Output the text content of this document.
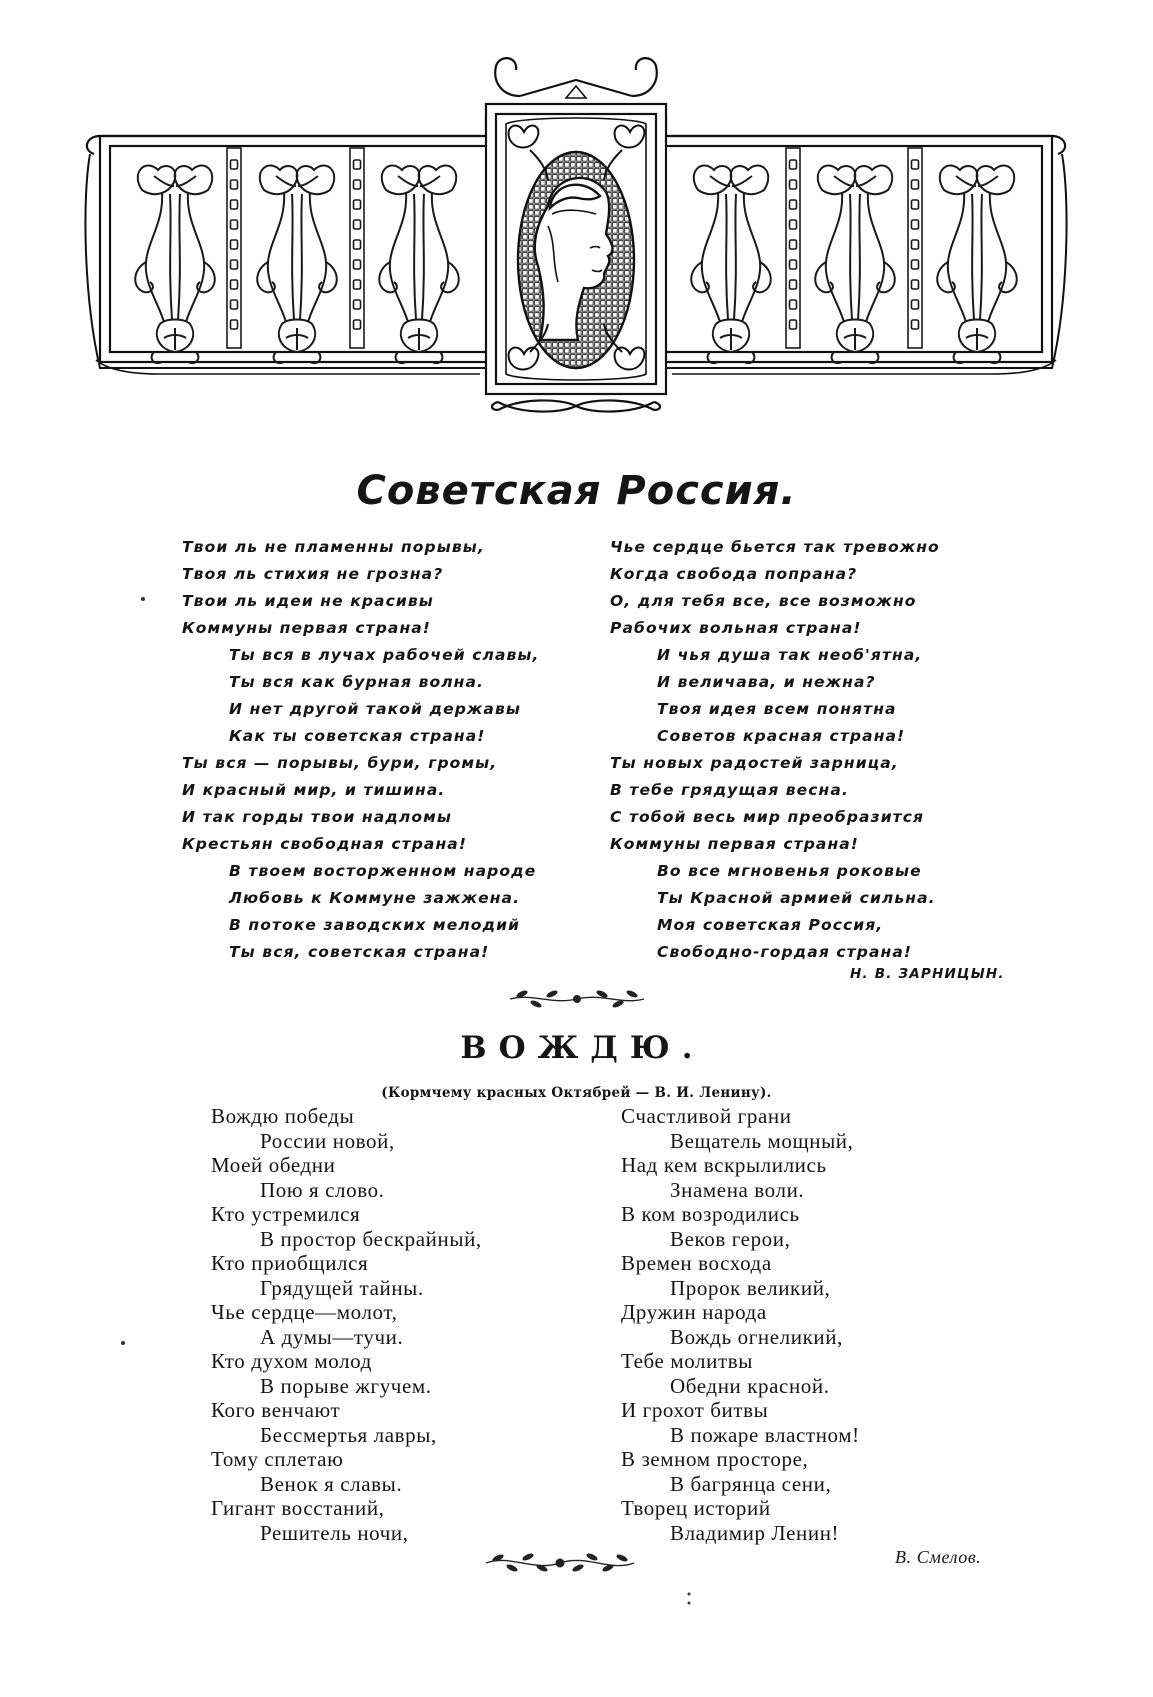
Советская Россия.
Твои ль не пламенны порывы,
Твоя ль стихия не грозна?
Твои ль идеи не красивы
Коммуны первая страна!
Ты вся в лучах рабочей славы,
Ты вся как бурная волна.
И нет другой такой державы
Как ты советская страна!
Ты вся — порывы, бури, громы,
И красный мир, и тишина.
И так горды твои надломы
Крестьян свободная страна!
В твоем восторженном народе
Любовь к Коммуне зажжена.
В потоке заводских мелодий
Ты вся, советская страна!
Чье сердце бьется так тревожно
Когда свобода попрана?
О, для тебя все, все возможно
Рабочих вольная страна!
И чья душа так необ'ятна,
И величава, и нежна?
Твоя идея всем понятна
Советов красная страна!
Ты новых радостей зарница,
В тебе грядущая весна.
С тобой весь мир преобразится
Коммуны первая страна!
Во все мгновенья роковые
Ты Красной армией сильна.
Моя советская Россия,
Свободно-гордая страна!
Н. В. ЗАРНИЦЫН.
ВОЖДЮ.
(Кормчему красных Октябрей — В. И. Ленину).
Вождю победы
России новой,
Моей обедни
Пою я слово.
Кто устремился
В простор бескрайный,
Кто приобщился
Грядущей тайны.
Чье сердце—молот,
А думы—тучи.
Кто духом молод
В порыве жгучем.
Кого венчают
Бессмертья лавры,
Тому сплетаю
Венок я славы.
Гигант восстаний,
Решитель ночи,
Счастливой грани
Вещатель мощный,
Над кем вскрылились
Знамена воли.
В ком возродились
Веков герои,
Времен восхода
Пророк великий,
Дружин народа
Вождь огнеликий,
Тебе молитвы
Обедни красной.
И грохот битвы
В пожаре властном!
В земном просторе,
В багрянца сени,
Творец историй
Владимир Ленин!
В. Смелов.
